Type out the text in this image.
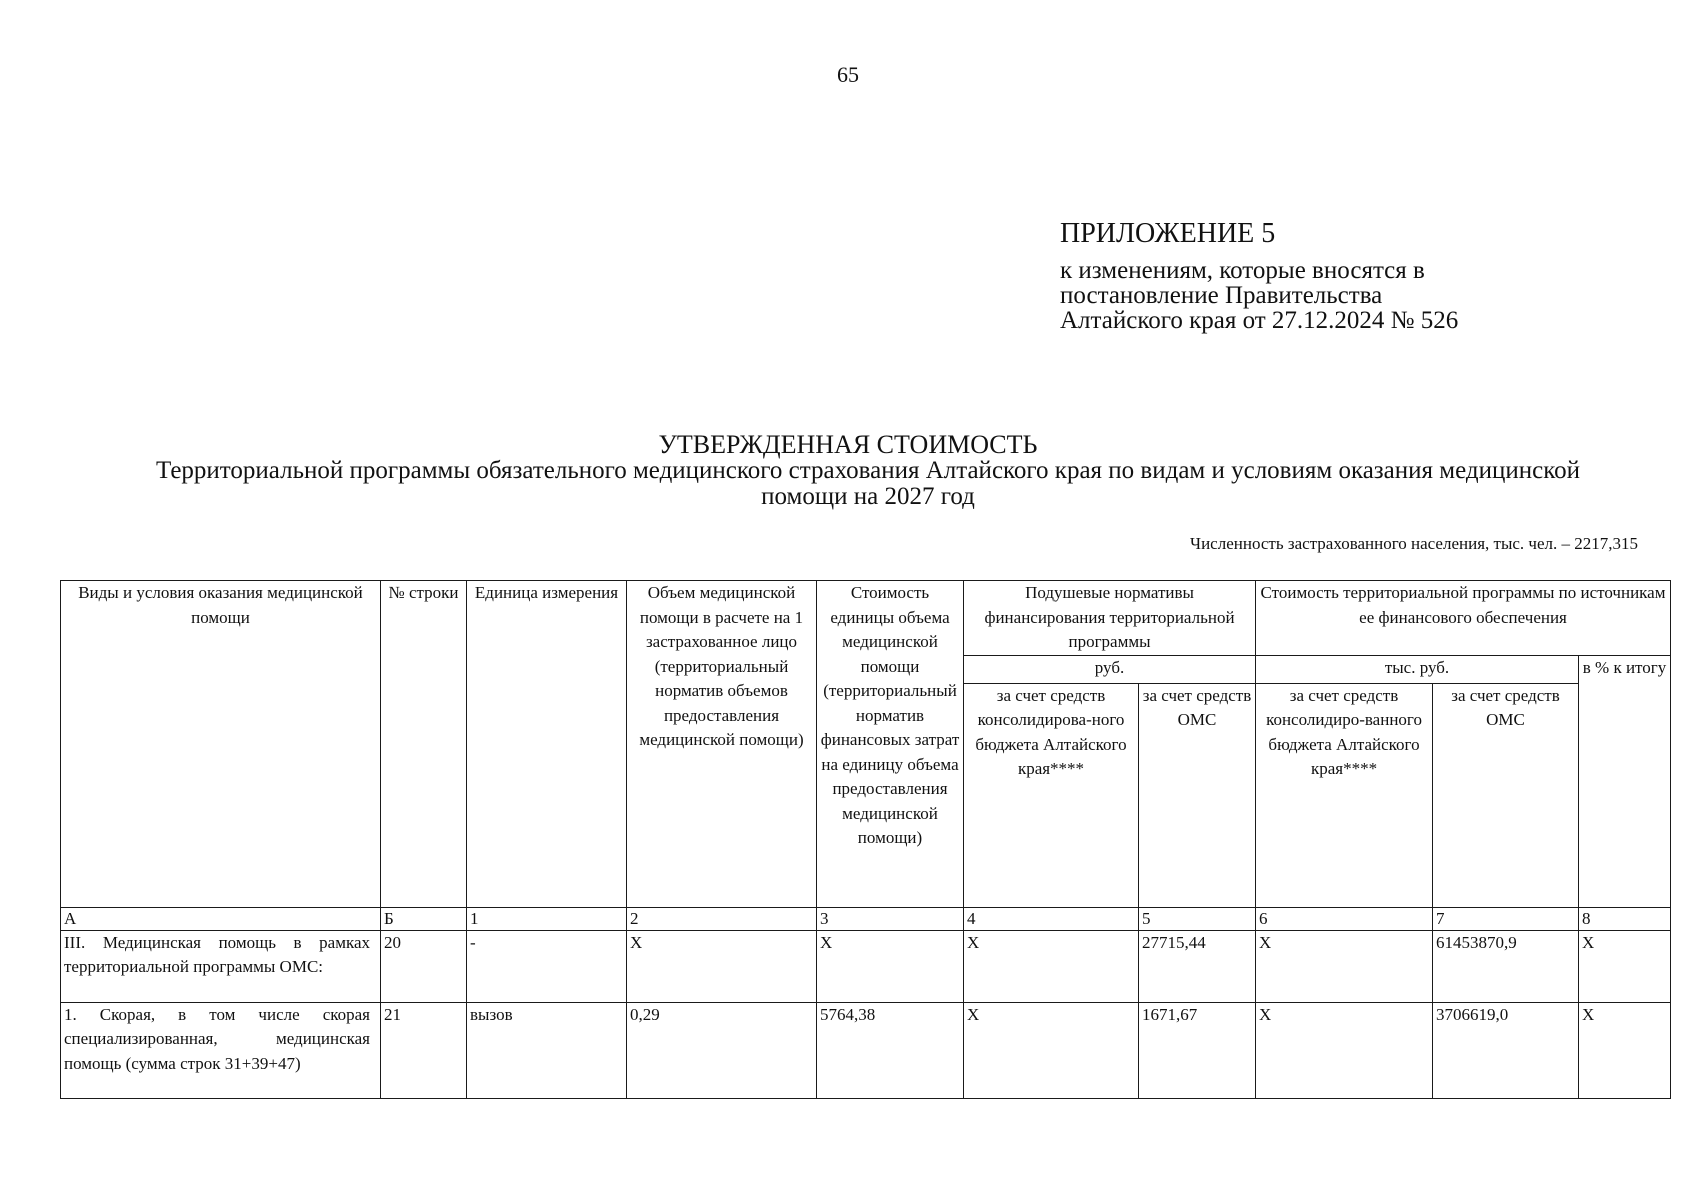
65
ПРИЛОЖЕНИЕ 5
к изменениям, которые вносятся в
постановление Правительства
Алтайского края от 27.12.2024 № 526
УТВЕРЖДЕННАЯ СТОИМОСТЬ
Территориальной программы обязательного медицинского страхования Алтайского края по видам и условиям оказания медицинской помощи на 2027 год
Численность застрахованного населения, тыс. чел. – 2217,315
Виды и условия оказания медицинской помощи	№ строки	Единица измерения	Объем медицинской помощи в расчете на 1 застрахованное лицо (территориальный норматив объемов предоставления медицинской помощи)	Стоимость единицы объема медицинской помощи (территориальный норматив финансовых затрат на единицу объема предоставления медицинской помощи)	Подушевые нормативы финансирования территориальной программы		Стоимость территориальной программы по источникам ее финансового обеспечения		
					руб.		тыс. руб.		в % к итогу
					за счет средств консолидирова-ного бюджета Алтайского края****	за счет средств ОМС	за счет средств консолидиро-ванного бюджета Алтайского края****	за счет средств ОМС	
А	Б	1	2	3	4	5	6	7	8
III. Медицинская помощь в рамках территориальной программы ОМС:	20	-	X	X	X	27715,44	X	61453870,9	X
1. Скорая, в том числе скорая специализированная, медицинская помощь (сумма строк 31+39+47)	21	вызов	0,29	5764,38	X	1671,67	X	3706619,0	X
